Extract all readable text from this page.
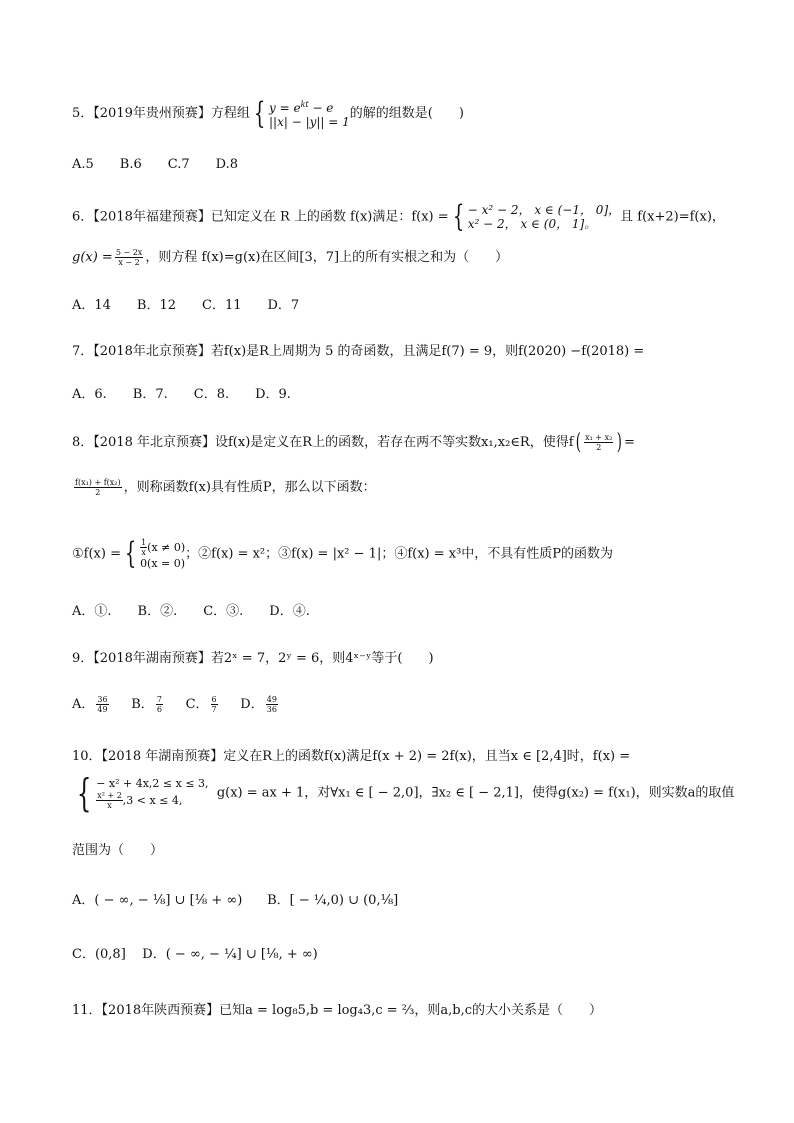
5．【2019年贵州预赛】方程组 { $y = e^{kt} - e$
||x| − |y|| = 1的解的组数是(　　)
A.5　　B.6　　C.7　　D.8
6．【2018年福建预赛】已知定义在 R 上的函数 f(x)满足：f(x) = { − x² − 2， x ∈ (−1， 0]，
x² − 2， x ∈ (0， 1]。 且 f(x+2)=f(x)，
$g(x) = \frac{5 - 2x}{x - 2}$ ，则方程 f(x)=g(x)在区间[3，7]上的所有实根之和为（　　）
A．14　　B．12　　C．11　　D．7
7．【2018年北京预赛】若f(x)是R上周期为 5 的奇函数，且满足f(7) = 9，则f(2020) −f(2018) =
A．6.　　B．7.　　C．8.　　D．9.
8．【2018 年北京预赛】设f(x)是定义在R上的函数，若存在两不等实数x₁,x₂∈R，使得$f( \frac{\text{x₁ + x₂}}{2}$ ) =
$\frac{\text{f(x₁) + f(x₂)}}{2}$ ，则称函数f(x)具有性质P，那么以下函数：
①f(x) = { $\frac{1}{x} (x \ne 0)$
0(x = 0)；②f(x) = x²；③f(x) = |x² − 1|；④f(x) = x³中，不具有性质P的函数为
A．①.　　B．②.　　C．③.　　D．④.
9．【2018年湖南预赛】若2ˣ = 7，2ʸ = 6，则4ˣ⁻ʸ等于(　　)
A． $\frac{36}{49}$ B． $\frac{7}{6}$ C． $\frac{6}{7}$ D． $\frac{49}{36}$
10．【2018 年湖南预赛】定义在R上的函数f(x)满足f(x + 2) = 2f(x)，且当x ∈ [2,4]时，f(x) =
{ − x² + 4x,2 ≤ x ≤ 3,

$\frac{\text{x² + 2}}{x} ,3 < x \le 4$,	g(x) = ax + 1，对∀x₁ ∈ [ − 2,0]，∃x₂ ∈ [ − 2,1]，使得g(x₂) = f(x₁)，则实数a的取值
范围为（　　）
A．( − ∞, − ⅛] ∪ [⅛ + ∞) B．[ − ¼,0) ∪ (0,⅛]
C．(0,8] D．( − ∞, − ¼] ∪ [⅛, + ∞)
11．【2018年陕西预赛】已知a = log₈5,b = log₄3,c = ⅔，则a,b,c的大小关系是（　　）
